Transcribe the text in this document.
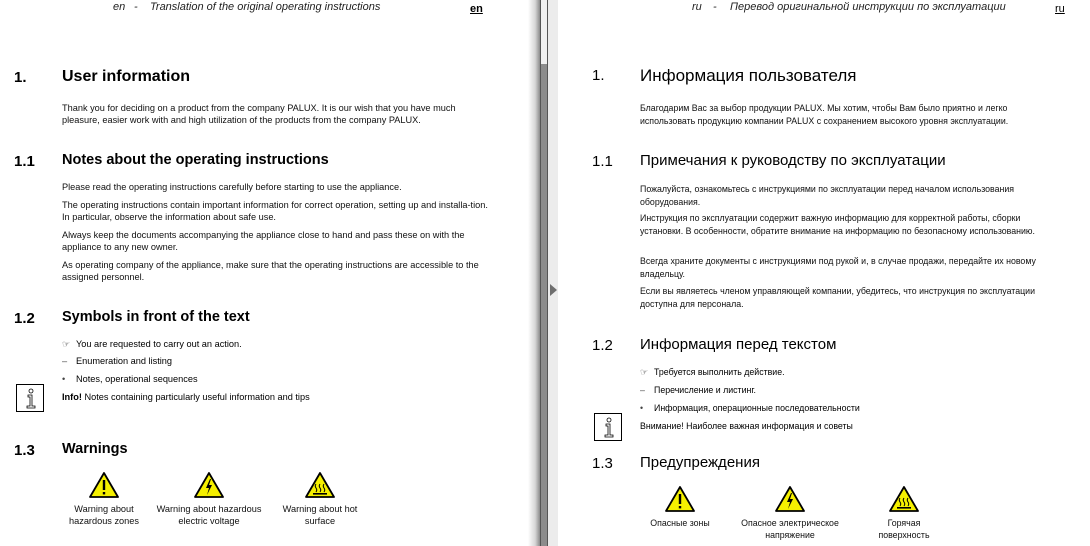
en - Translation of the original operating instructions	en
1. User information
Thank you for deciding on a product from the company PALUX. It is our wish that you have much pleasure, easier work with and high utilization of the products from the company PALUX.
1.1 Notes about the operating instructions
Please read the operating instructions carefully before starting to use the appliance.
The operating instructions contain important information for correct operation, setting up and installa-tion. In particular, observe the information about safe use.
Always keep the documents accompanying the appliance close to hand and pass these on with the appliance to any new owner.
As operating company of the appliance, make sure that the operating instructions are accessible to the assigned personnel.
1.2 Symbols in front of the text
☞ You are requested to carry out an action.
– Enumeration and listing
• Notes, operational sequences
Info! Notes containing particularly useful information and tips
1.3 Warnings
Warning about
hazardous zones
Warning about hazardous
electric voltage
Warning about hot
surface
ru - Перевод оригинальной инструкции по эксплуатации	ru
1. Информация пользователя
Благодарим Вас за выбор продукции PALUX. Мы хотим, чтобы Вам было приятно и легко использовать продукцию компании PALUX с сохранением высокого уровня эксплуатации.
1.1 Примечания к руководству по эксплуатации
Пожалуйста, ознакомьтесь с инструкциями по эксплуатации перед началом использования оборудования.
Инструкция по эксплуатации содержит важную информацию для корректной работы, сборки установки. В особенности, обратите внимание на информацию по безопасному использованию.
Всегда храните документы с инструкциями под рукой и, в случае продажи, передайте их новому владельцу.
Если вы являетесь членом управляющей компании, убедитесь, что инструкция по эксплуатации доступна для персонала.
1.2 Информация перед текстом
☞ Требуется выполнить действие.
– Перечисление и листинг.
• Информация, операционные последовательности
Внимание! Наиболее важная информация и советы
1.3 Предупреждения
Опасные зоны	Опасное электрическое
напряжение
Горячая
поверхность
